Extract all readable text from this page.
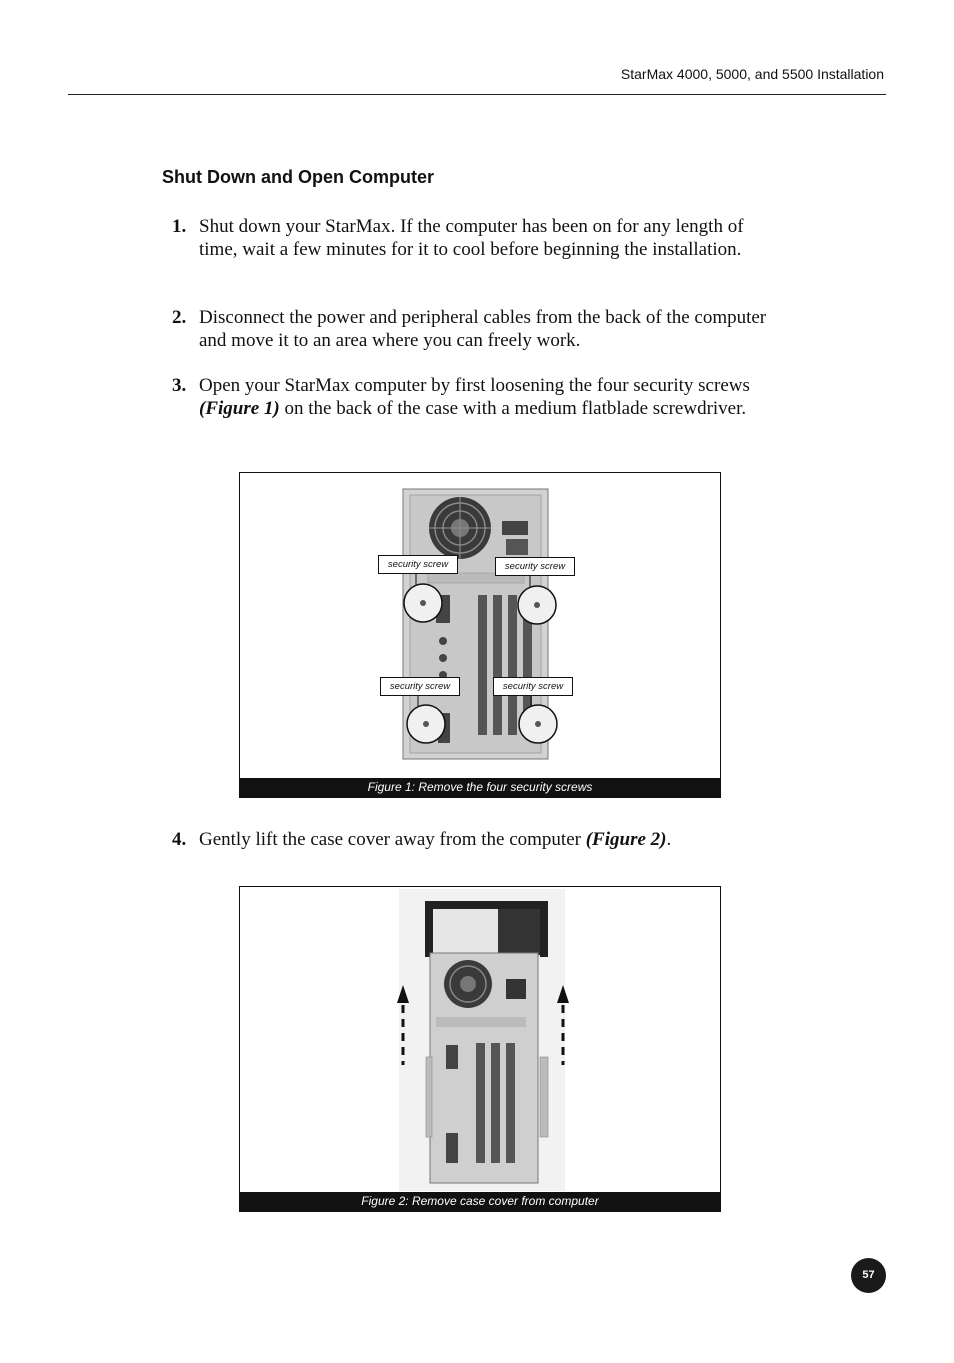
StarMax 4000, 5000, and 5500 Installation
Shut Down and Open Computer
1. Shut down your StarMax. If the computer has been on for any length of time, wait a few minutes for it to cool before beginning the installation.
2. Disconnect the power and peripheral cables from the back of the computer and move it to an area where you can freely work.
3. Open your StarMax computer by first loosening the four security screws (Figure 1) on the back of the case with a medium flatblade screwdriver.
security screw	security screw
security screw	security screw
Figure 1: Remove the four security screws
4. Gently lift the case cover away from the computer (Figure 2).
Figure 2: Remove case cover from computer
57
